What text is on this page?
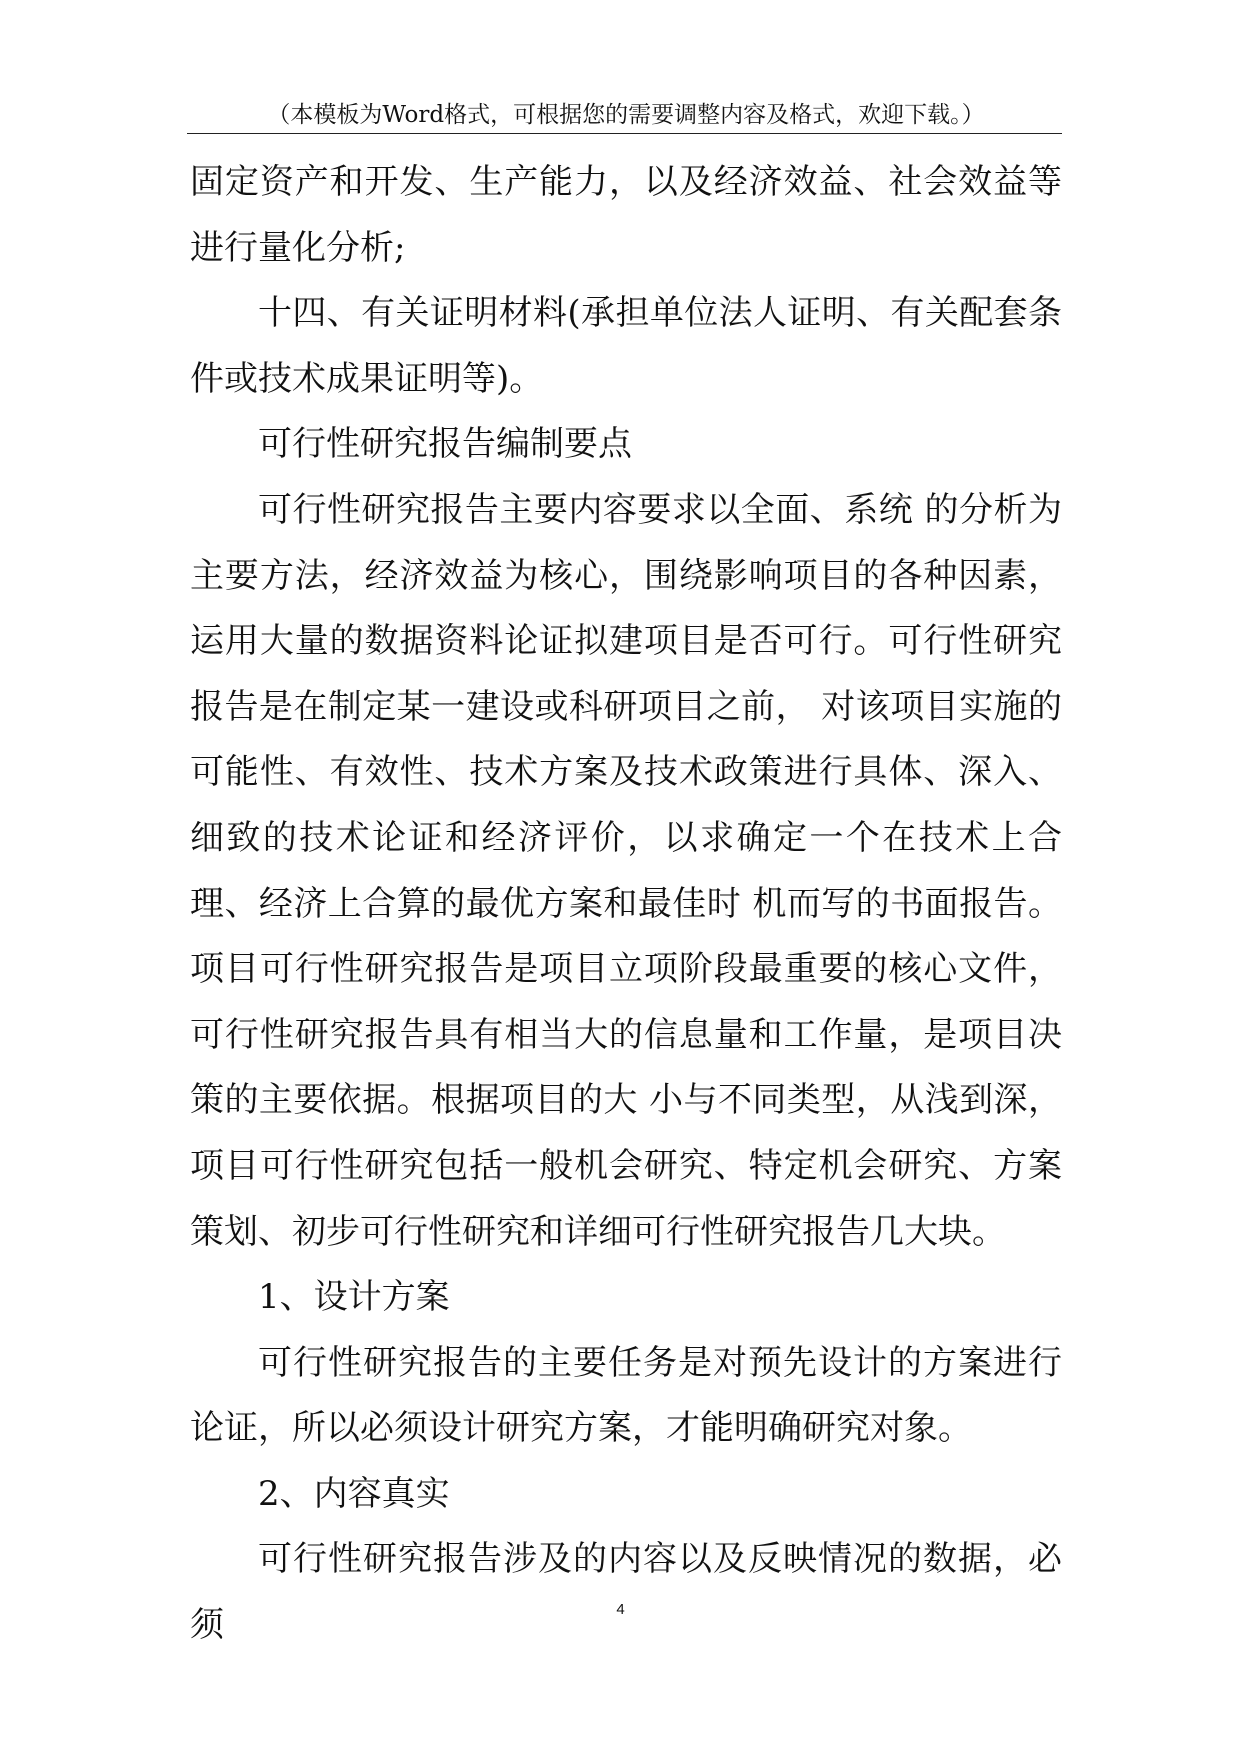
（本模板为Word格式，可根据您的需要调整内容及格式，欢迎下载。）

固定资产和开发、生产能力，以及经济效益、社会效益等进行量化分析;

十四、有关证明材料(承担单位法人证明、有关配套条件或技术成果证明等)。

可行性研究报告编制要点

可行性研究报告主要内容要求以全面、系统 的分析为主要方法，经济效益为核心，围绕影响项目的各种因素，运用大量的数据资料论证拟建项目是否可行。可行性研究报告是在制定某一建设或科研项目之前， 对该项目实施的可能性、有效性、技术方案及技术政策进行具体、深入、细致的技术论证和经济评价，以求确定一个在技术上合理、经济上合算的最优方案和最佳时 机而写的书面报告。项目可行性研究报告是项目立项阶段最重要的核心文件，可行性研究报告具有相当大的信息量和工作量，是项目决策的主要依据。根据项目的大 小与不同类型，从浅到深，项目可行性研究包括一般机会研究、特定机会研究、方案策划、初步可行性研究和详细可行性研究报告几大块。

1、设计方案

可行性研究报告的主要任务是对预先设计的方案进行论证，所以必须设计研究方案，才能明确研究对象。

2、内容真实

可行性研究报告涉及的内容以及反映情况的数据，必须	4
